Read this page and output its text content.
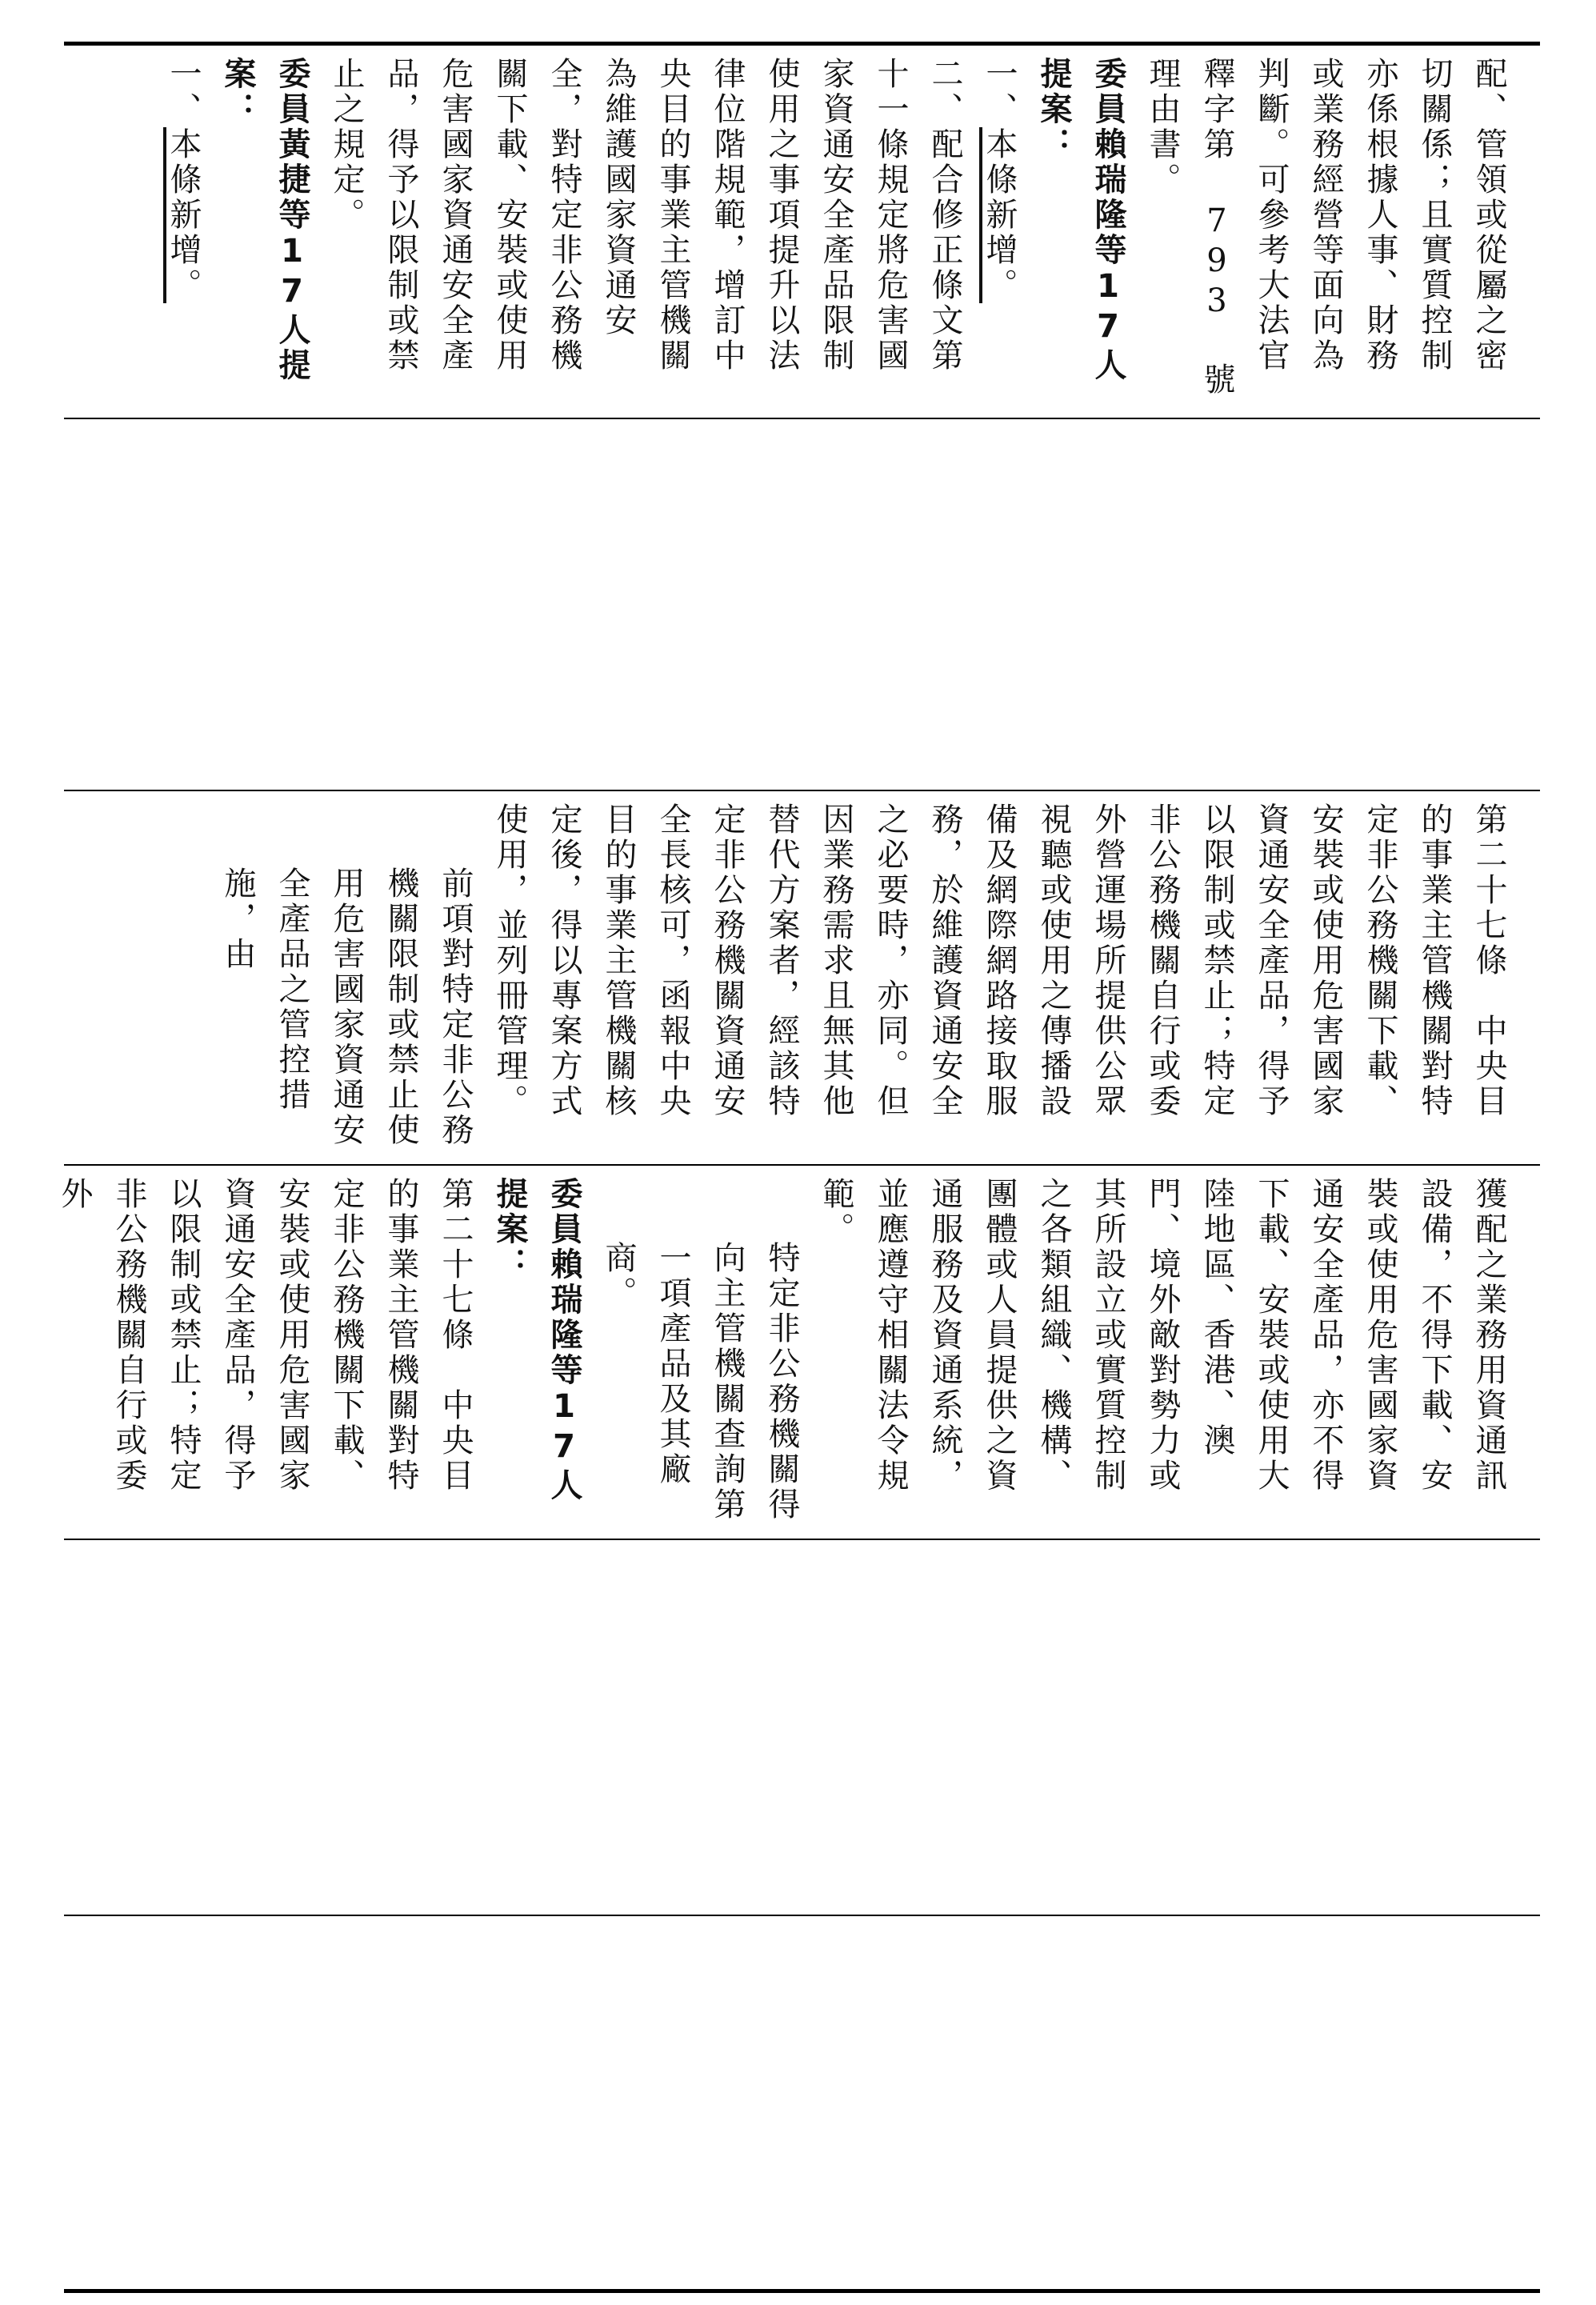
配、管領或從屬之密切關係；且實質控制亦係根據人事、財務或業務經營等面向為判斷。可參考大法官釋字第 793 號理由書。
委員賴瑞隆等17人提案：
一、本條新增。
二、配合修正條文第十一條規定將危害國家資通安全產品限制使用之事項提升以法律位階規範，增訂中央目的事業主管機關為維護國家資通安全，對特定非公務機關下載、安裝或使用危害國家資通安全產品，得予以限制或禁止之規定。
委員黃捷等17人提案：
一、本條新增。
第二十七條　中央目的事業主管機關對特定非公務機關下載、安裝或使用危害國家資通安全產品，得予以限制或禁止；特定非公務機關自行或委外營運場所提供公眾視聽或使用之傳播設備及網際網路接取服務，於維護資通安全之必要時，亦同。但因業務需求且無其他替代方案者，經該特定非公務機關資通安全長核可，函報中央目的事業主管機關核定後，得以專案方式使用，並列冊管理。
前項對特定非公務機關限制或禁止使用危害國家資通安全產品之管控措施，由
獲配之業務用資通訊設備，不得下載、安裝或使用危害國家資通安全產品，亦不得下載、安裝或使用大陸地區、香港、澳門、境外敵對勢力或其所設立或實質控制之各類組織、機構、團體或人員提供之資通服務及資通系統，並應遵守相關法令規範。
特定非公務機關得向主管機關查詢第一項產品及其廠商。
委員賴瑞隆等17人提案：
第二十七條　中央目的事業主管機關對特定非公務機關下載、安裝或使用危害國家資通安全產品，得予以限制或禁止；特定非公務機關自行或委外
